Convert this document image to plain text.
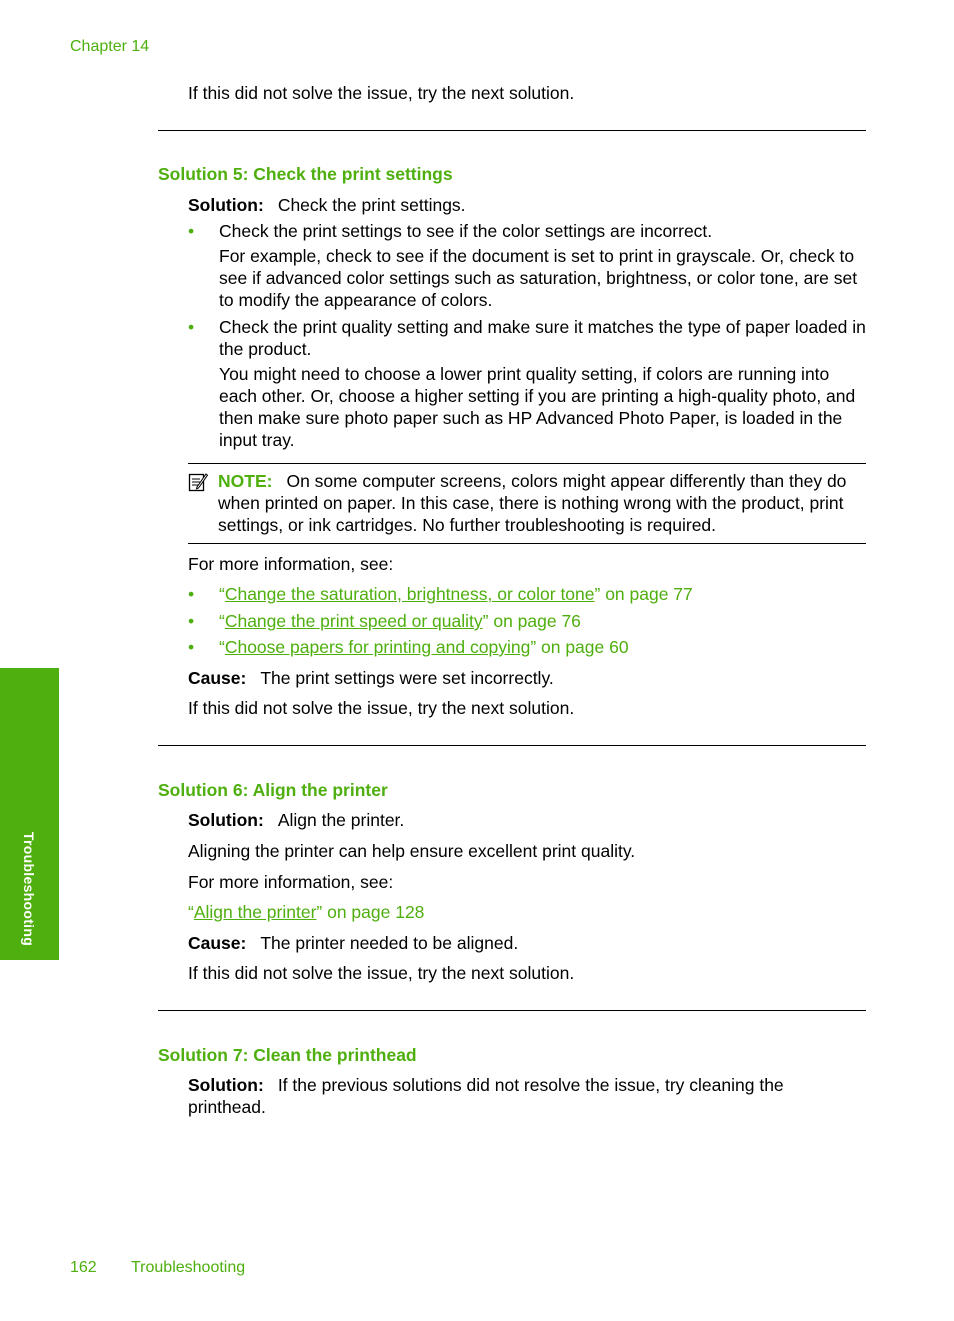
Chapter 14
If this did not solve the issue, try the next solution.
Solution 5: Check the print settings
Solution: Check the print settings.
• Check the print settings to see if the color settings are incorrect.
For example, check to see if the document is set to print in grayscale. Or, check to see if advanced color settings such as saturation, brightness, or color tone, are set to modify the appearance of colors.
• Check the print quality setting and make sure it matches the type of paper loaded in the product.
You might need to choose a lower print quality setting, if colors are running into each other. Or, choose a higher setting if you are printing a high-quality photo, and then make sure photo paper such as HP Advanced Photo Paper, is loaded in the input tray.
NOTE: On some computer screens, colors might appear differently than they do when printed on paper. In this case, there is nothing wrong with the product, print settings, or ink cartridges. No further troubleshooting is required.
For more information, see:
• “Change the saturation, brightness, or color tone” on page 77
• “Change the print speed or quality” on page 76
• “Choose papers for printing and copying” on page 60
Cause: The print settings were set incorrectly.
If this did not solve the issue, try the next solution.
Solution 6: Align the printer
Solution: Align the printer.
Aligning the printer can help ensure excellent print quality.
For more information, see:
“Align the printer” on page 128
Cause: The printer needed to be aligned.
If this did not solve the issue, try the next solution.
Solution 7: Clean the printhead
Solution: If the previous solutions did not resolve the issue, try cleaning the printhead.
Troubleshooting
162 Troubleshooting
